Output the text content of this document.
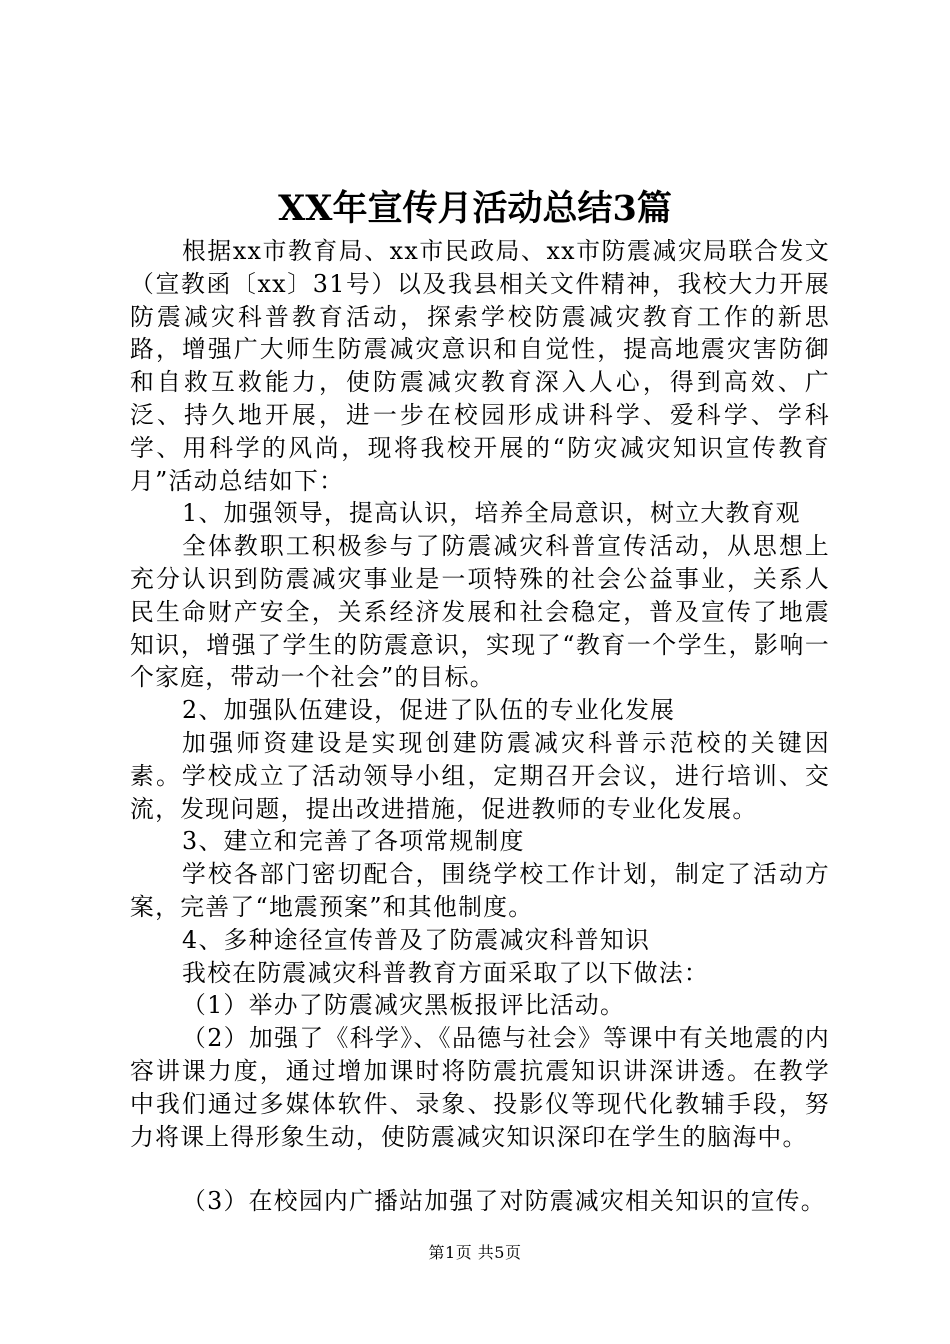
XX年宣传月活动总结3篇

根据xx市教育局、xx市民政局、xx市防震减灾局联合发文（宣教函〔xx〕31号）以及我县相关文件精神，我校大力开展防震减灾科普教育活动，探索学校防震减灾教育工作的新思路，增强广大师生防震减灾意识和自觉性，提高地震灾害防御和自救互救能力，使防震减灾教育深入人心，得到高效、广泛、持久地开展，进一步在校园形成讲科学、爱科学、学科学、用科学的风尚，现将我校开展的“防灾减灾知识宣传教育月”活动总结如下：

1、加强领导，提高认识，培养全局意识，树立大教育观

全体教职工积极参与了防震减灾科普宣传活动，从思想上充分认识到防震减灾事业是一项特殊的社会公益事业，关系人民生命财产安全，关系经济发展和社会稳定，普及宣传了地震知识，增强了学生的防震意识，实现了“教育一个学生，影响一个家庭，带动一个社会”的目标。

2、加强队伍建设，促进了队伍的专业化发展

加强师资建设是实现创建防震减灾科普示范校的关键因素。学校成立了活动领导小组，定期召开会议，进行培训、交流，发现问题，提出改进措施，促进教师的专业化发展。

3、建立和完善了各项常规制度

学校各部门密切配合，围绕学校工作计划，制定了活动方案，完善了“地震预案”和其他制度。

4、多种途径宣传普及了防震减灾科普知识

我校在防震减灾科普教育方面采取了以下做法：

（1）举办了防震减灾黑板报评比活动。

（2）加强了《科学》、《品德与社会》等课中有关地震的内容讲课力度，通过增加课时将防震抗震知识讲深讲透。在教学中我们通过多媒体软件、录象、投影仪等现代化教辅手段，努力将课上得形象生动，使防震减灾知识深印在学生的脑海中。

（3）在校园内广播站加强了对防震减灾相关知识的宣传。

第1页 共5页
